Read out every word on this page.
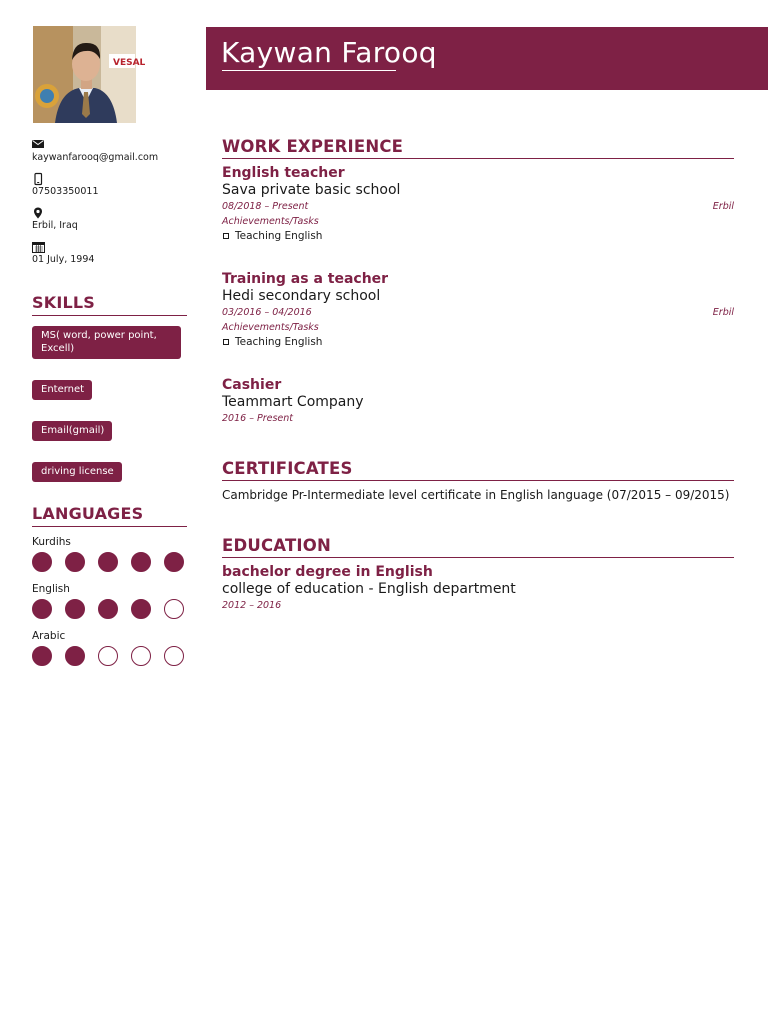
VESAL
kaywanfarooq@gmail.com
07503350011
Erbil, Iraq
01 July, 1994
SKILLS
MS( word, power point, Excell)
Enternet
Email(gmail)
driving license
LANGUAGES
Kurdihs
English
Arabic
Kaywan Farooq
WORK EXPERIENCE
English teacher
Sava private basic school
08/2018 – Present	Erbil
Achievements/Tasks
Teaching English
Training as a teacher
Hedi secondary school
03/2016 – 04/2016	Erbil
Achievements/Tasks
Teaching English
Cashier
Teammart Company
2016 – Present
CERTIFICATES
Cambridge Pr-Intermediate level certificate in English language (07/2015 – 09/2015)
EDUCATION
bachelor degree in English
college of education - English department
2012 – 2016
